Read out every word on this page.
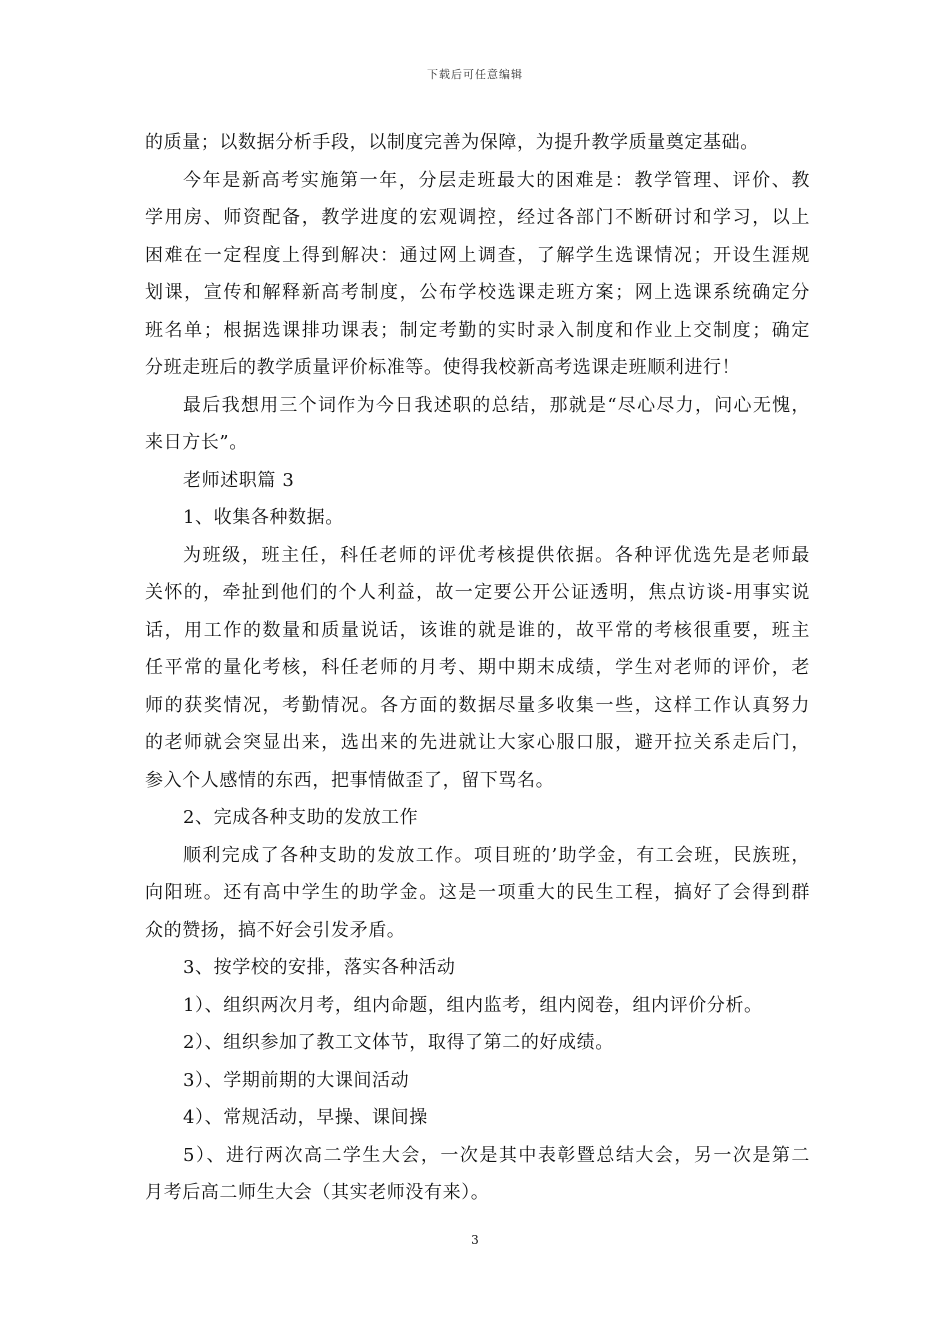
下载后可任意编辑
的质量；以数据分析手段，以制度完善为保障，为提升教学质量奠定基础。
今年是新高考实施第一年，分层走班最大的困难是：教学管理、评价、教
学用房、师资配备，教学进度的宏观调控，经过各部门不断研讨和学习，以上
困难在一定程度上得到解决：通过网上调查，了解学生选课情况；开设生涯规
划课，宣传和解释新高考制度，公布学校选课走班方案；网上选课系统确定分
班名单；根据选课排功课表；制定考勤的实时录入制度和作业上交制度；确定
分班走班后的教学质量评价标准等。使得我校新高考选课走班顺利进行！
最后我想用三个词作为今日我述职的总结，那就是“尽心尽力，问心无愧，
来日方长”。
老师述职篇 3
1、收集各种数据。
为班级，班主任，科任老师的评优考核提供依据。各种评优选先是老师最
关怀的，牵扯到他们的个人利益，故一定要公开公证透明，焦点访谈-用事实说
话，用工作的数量和质量说话，该谁的就是谁的，故平常的考核很重要，班主
任平常的量化考核，科任老师的月考、期中期末成绩，学生对老师的评价，老
师的获奖情况，考勤情况。各方面的数据尽量多收集一些，这样工作认真努力
的老师就会突显出来，选出来的先进就让大家心服口服，避开拉关系走后门，
参入个人感情的东西，把事情做歪了，留下骂名。
2、完成各种支助的发放工作
顺利完成了各种支助的发放工作。项目班的’助学金，有工会班，民族班，
向阳班。还有高中学生的助学金。这是一项重大的民生工程，搞好了会得到群
众的赞扬，搞不好会引发矛盾。
3、按学校的安排，落实各种活动
1）、组织两次月考，组内命题，组内监考，组内阅卷，组内评价分析。
2）、组织参加了教工文体节，取得了第二的好成绩。
3）、学期前期的大课间活动
4）、常规活动，早操、课间操
5）、进行两次高二学生大会，一次是其中表彰暨总结大会，另一次是第二
月考后高二师生大会（其实老师没有来）。
3
